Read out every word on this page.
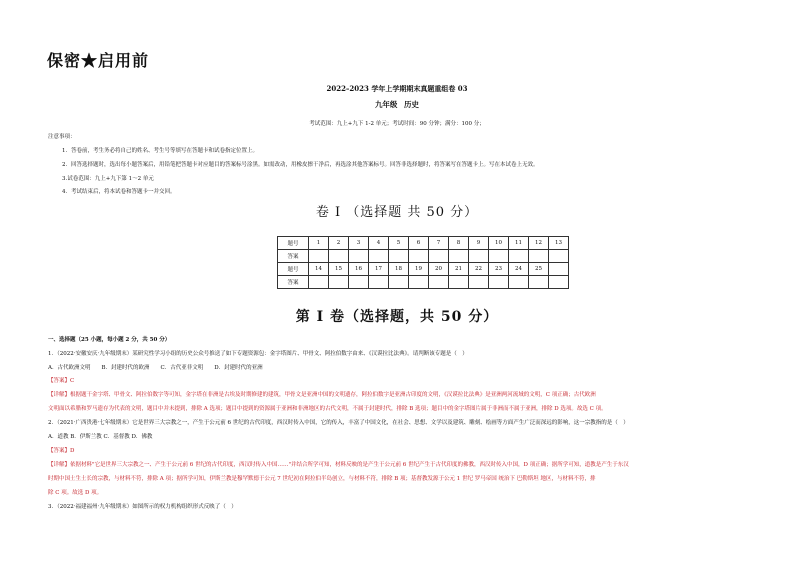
保密★启用前
2022–2023 学年上学期期末真题重组卷 03
九年级 历史
考试范围：九上+九下 1-2 单元；考试时间：90 分钟；满分：100 分；
注意事项：
1．答卷前，考生务必将自己的姓名、考生号等填写在答题卡和试卷指定位置上。
2．回答选择题时，选出每小题答案后，用铅笔把答题卡对应题目的答案标号涂黑。如需改动，用橡皮擦干净后，再选涂其他答案标号。回答非选择题时，将答案写在答题卡上。写在本试卷上无效。
3.试卷范围：九上+九下第 1～2 单元
4．考试结束后，将本试卷和答题卡一并交回。
卷 I （选择题 共 50 分）
题号	1	2	3	4	5	6	7	8	9	10	11	12	13
答案													
题号	14	15	16	17	18	19	20	21	22	23	24	25	
答案													
第 I 卷（选择题，共 50 分）
一、选择题（25 小题，每小题 2 分，共 50 分）
1．（2022·安徽安庆·九年级期末）某研究性学习小组的历史公众号推送了如下专题资源包：金字塔图片、甲骨文、阿拉伯数字由来、《汉谟拉比法典》。请判断该专题是（　）
A．古代欧洲文明　　B．封建时代的欧洲　　C．古代亚非文明　　D．封建时代的亚洲
【答案】C
【详解】根据题干金字塔、甲骨文、阿拉伯数字等可知，金字塔在非洲是古埃及时期修建的建筑，甲骨文是亚洲中国的文明遗存，阿拉伯数字是亚洲古印度的文明，《汉谟拉比法典》是亚洲两河流域的文明，C 项正确；古代欧洲
文明面以希腊和罗马遗存为代表的文明，题目中并未提到，排除 A 选项；题目中提到的资源属于亚洲和非洲地区的古代文明，不属于封建时代，排除 B 选项；题目中的金字塔图片属于非洲而不属于亚洲，排除 D 选项。故选 C 项。
2．（2021·广西贵港·七年级期末）它是世界三大宗教之一，产生于公元前 6 世纪的古代印度，西汉时传入中国，它的传入，丰富了中国文化，在社会、思想、文学以及建筑、雕刻、绘画等方面产生广泛而深远的影响，这一宗教指的是（　）
A．道教 B．伊斯兰教 C．基督教 D．佛教
【答案】D
【详解】依据材料"它是世界三大宗教之一、产生于公元前 6 世纪的古代印度，西汉时传入中国……"并结合所学可知，材料反映的是产生于公元前 6 世纪产生于古代印度的佛教，西汉时传入中国，D 项正确；据所学可知，道教是产生于东汉
时期中国土生土长的宗教，与材料不符，排除 A 项；据所学可知，伊斯兰教是穆罕默德于公元 7 世纪初在阿拉伯半岛创立，与材料不符，排除 B 项；基督教发源于公元 1 世纪 罗马帝国 统治下 巴勒斯坦 地区，与材料不符，排
除 C 项。故选 D 项。
3．（2022·福建福州·九年级期末）如图所示的权力机构组织形式反映了（　）
